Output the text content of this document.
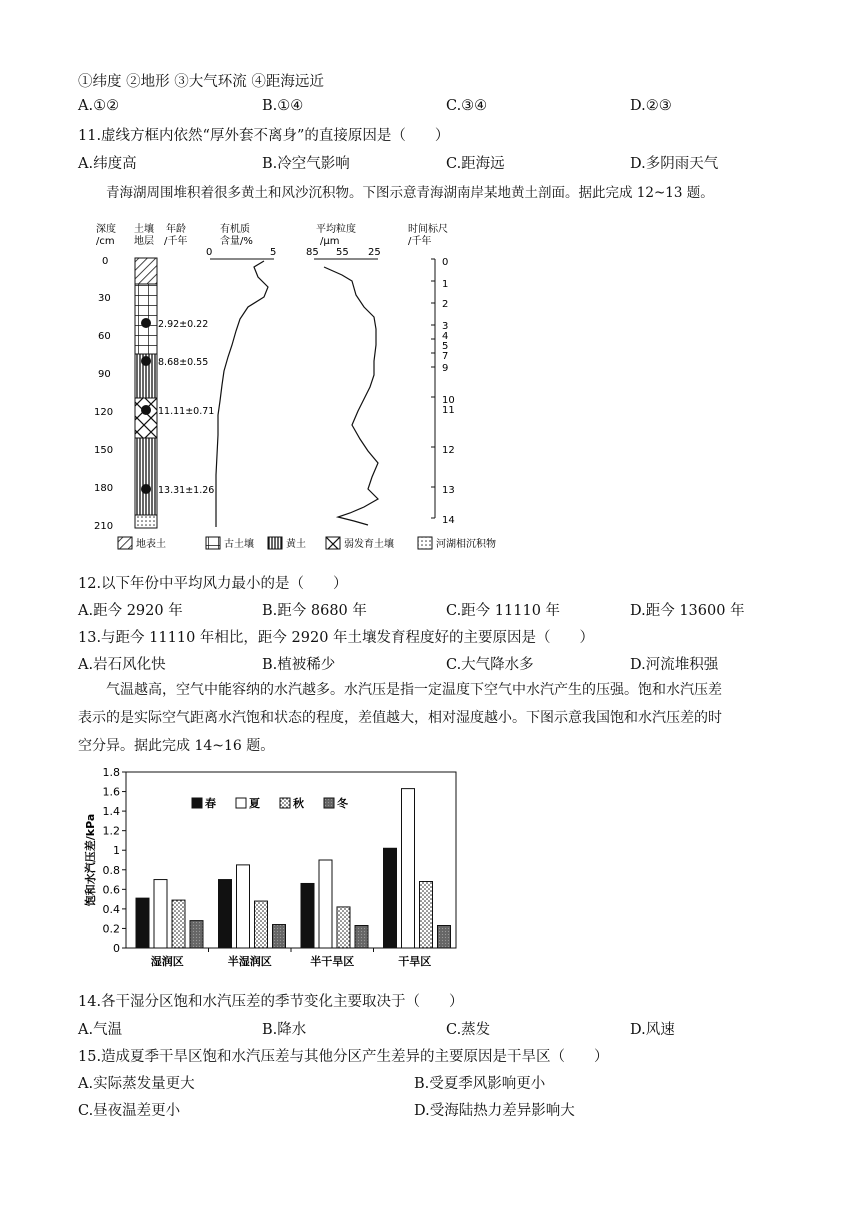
①纬度 ②地形 ③大气环流 ④距海远近
A.①②	B.①④	C.③④	D.②③
11.虚线方框内依然“厚外套不离身”的直接原因是（　　）
A.纬度高	B.冷空气影响	C.距海远	D.多阴雨天气
青海湖周围堆积着很多黄土和风沙沉积物。下图示意青海湖南岸某地黄土剖面。据此完成 12~13 题。
深度
/cm
土壤
地层
年龄
/千年
有机质
含量/%
平均粒度
/μm
时间标尺
/千年
0
30
60
90
120
150
180
210
2.92±0.22
8.68±0.55
11.11±0.71
13.31±1.26
0	5	85 55 25
0
1
2
3
4
5
7
9
10
11
12
13
14
地表土	古土壤	黄土	弱发育土壤	河湖相沉积物
12.以下年份中平均风力最小的是（　　）
A.距今 2920 年	B.距今 8680 年	C.距今 11110 年	D.距今 13600 年
13.与距今 11110 年相比，距今 2920 年土壤发育程度好的主要原因是（　　）
A.岩石风化快	B.植被稀少	C.大气降水多	D.河流堆积强
气温越高，空气中能容纳的水汽越多。水汽压是指一定温度下空气中水汽产生的压强。饱和水汽压差
表示的是实际空气距离水汽饱和状态的程度，差值越大，相对湿度越小。下图示意我国饱和水汽压差的时
空分异。据此完成 14~16 题。
0
0.2
0.4
0.6
0.8
1
1.2
1.4
1.6
1.8
饱和水汽压差/kPa
湿润区	半湿润区	半干旱区	干旱区
春	夏	秋	冬
14.各干湿分区饱和水汽压差的季节变化主要取决于（　　）
A.气温	B.降水	C.蒸发	D.风速
15.造成夏季干旱区饱和水汽压差与其他分区产生差异的主要原因是干旱区（　　）
A.实际蒸发量更大	B.受夏季风影响更小
C.昼夜温差更小	D.受海陆热力差异影响大
